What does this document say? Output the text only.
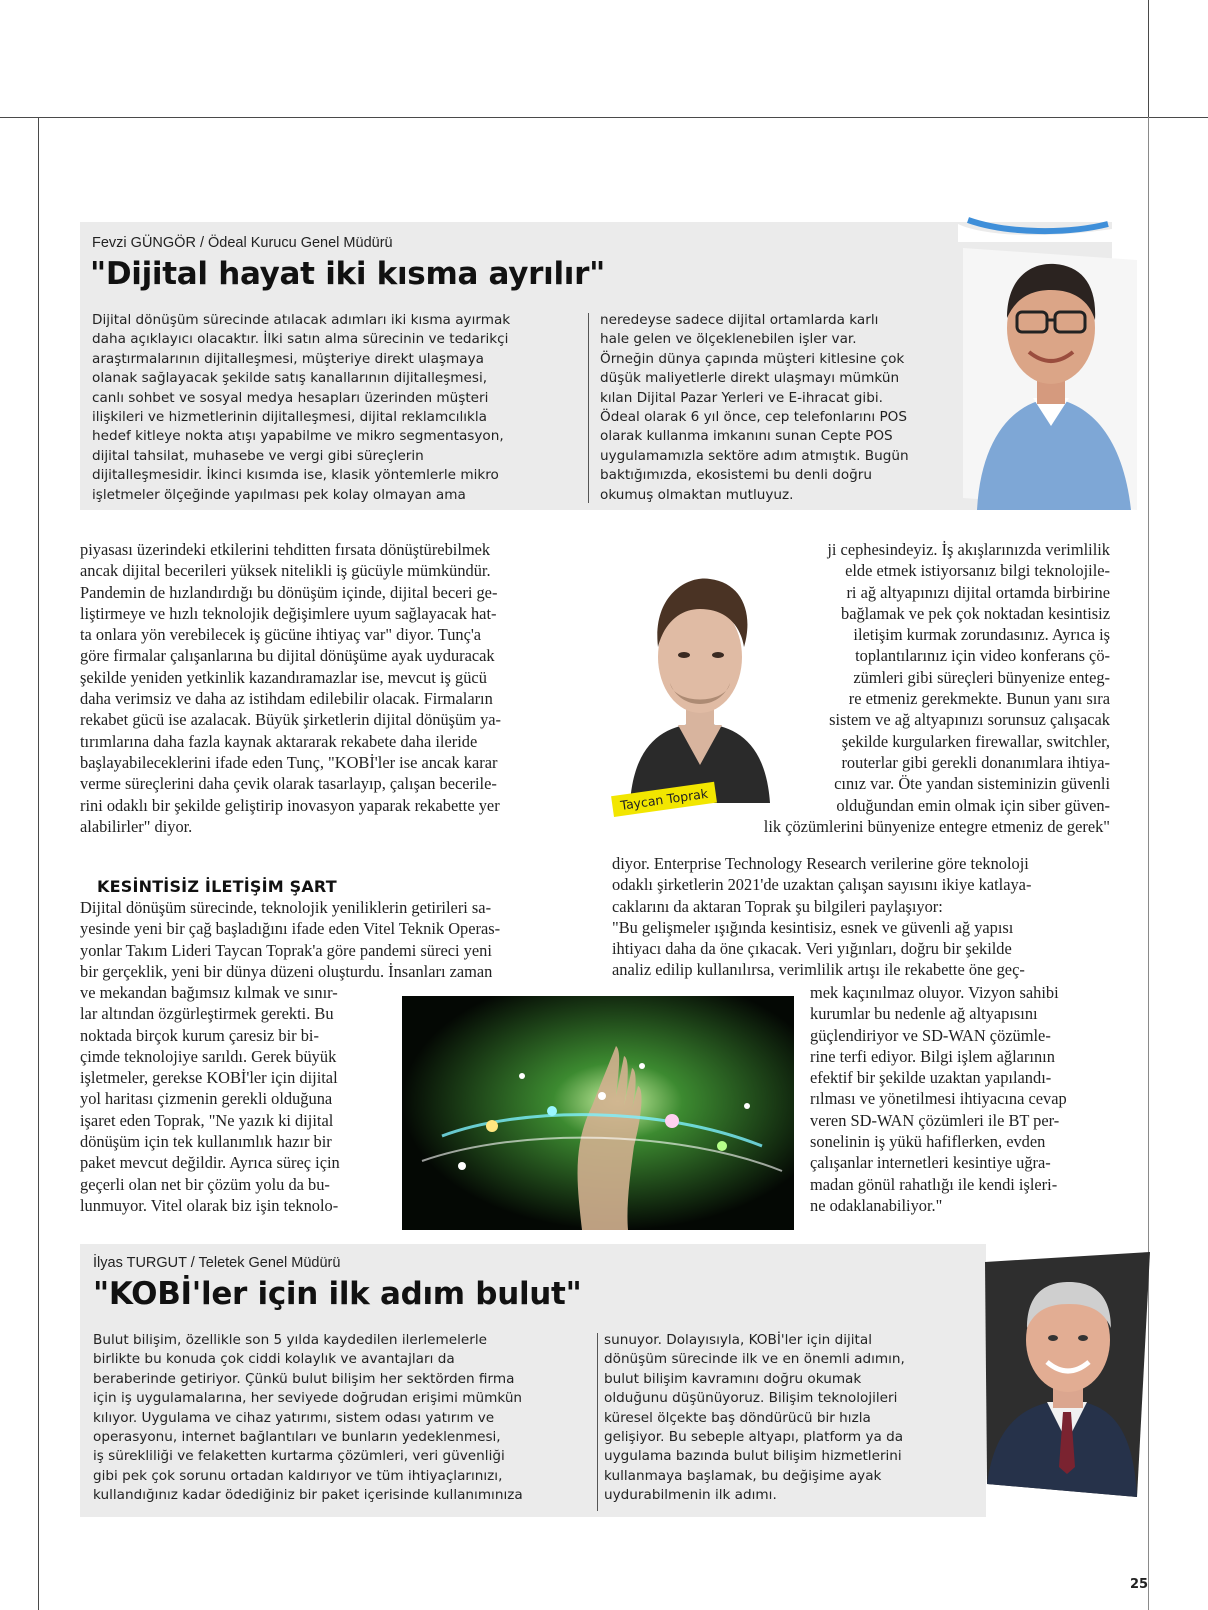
Fevzi GÜNGÖR / Ödeal Kurucu Genel Müdürü
"Dijital hayat iki kısma ayrılır"
Dijital dönüşüm sürecinde atılacak adımları iki kısma ayırmak
daha açıklayıcı olacaktır. İlki satın alma sürecinin ve tedarikçi
araştırmalarının dijitalleşmesi, müşteriye direkt ulaşmaya
olanak sağlayacak şekilde satış kanallarının dijitalleşmesi,
canlı sohbet ve sosyal medya hesapları üzerinden müşteri
ilişkileri ve hizmetlerinin dijitalleşmesi, dijital reklamcılıkla
hedef kitleye nokta atışı yapabilme ve mikro segmentasyon,
dijital tahsilat, muhasebe ve vergi gibi süreçlerin
dijitalleşmesidir. İkinci kısımda ise, klasik yöntemlerle mikro
işletmeler ölçeğinde yapılması pek kolay olmayan ama
neredeyse sadece dijital ortamlarda karlı
hale gelen ve ölçeklenebilen işler var.
Örneğin dünya çapında müşteri kitlesine çok
düşük maliyetlerle direkt ulaşmayı mümkün
kılan Dijital Pazar Yerleri ve E-ihracat gibi.
Ödeal olarak 6 yıl önce, cep telefonlarını POS
olarak kullanma imkanını sunan Cepte POS
uygulamamızla sektöre adım atmıştık. Bugün
baktığımızda, ekosistemi bu denli doğru
okumuş olmaktan mutluyuz.
piyasası üzerindeki etkilerini tehditten fırsata dönüştürebilmek
ancak dijital becerileri yüksek nitelikli iş gücüyle mümkündür.
Pandemin de hızlandırdığı bu dönüşüm içinde, dijital beceri ge-
liştirmeye ve hızlı teknolojik değişimlere uyum sağlayacak hat-
ta onlara yön verebilecek iş gücüne ihtiyaç var" diyor. Tunç'a
göre firmalar çalışanlarına bu dijital dönüşüme ayak uyduracak
şekilde yeniden yetkinlik kazandıramazlar ise, mevcut iş gücü
daha verimsiz ve daha az istihdam edilebilir olacak. Firmaların
rekabet gücü ise azalacak. Büyük şirketlerin dijital dönüşüm ya-
tırımlarına daha fazla kaynak aktararak rekabete daha ileride
başlayabileceklerini ifade eden Tunç, "KOBİ'ler ise ancak karar
verme süreçlerini daha çevik olarak tasarlayıp, çalışan becerile-
rini odaklı bir şekilde geliştirip inovasyon yaparak rekabette yer
alabilirler" diyor.
KESİNTİSİZ İLETİŞİM ŞART
Dijital dönüşüm sürecinde, teknolojik yeniliklerin getirileri sa-
yesinde yeni bir çağ başladığını ifade eden Vitel Teknik Operas-
yonlar Takım Lideri Taycan Toprak'a göre pandemi süreci yeni
bir gerçeklik, yeni bir dünya düzeni oluşturdu. İnsanları zaman
ve mekandan bağımsız kılmak ve sınır-
lar altından özgürleştirmek gerekti. Bu
noktada birçok kurum çaresiz bir bi-
çimde teknolojiye sarıldı. Gerek büyük
işletmeler, gerekse KOBİ'ler için dijital
yol haritası çizmenin gerekli olduğuna
işaret eden Toprak, "Ne yazık ki dijital
dönüşüm için tek kullanımlık hazır bir
paket mevcut değildir. Ayrıca süreç için
geçerli olan net bir çözüm yolu da bu-
lunmuyor. Vitel olarak biz işin teknolo-
ji cephesindeyiz. İş akışlarınızda verimlilik
elde etmek istiyorsanız bilgi teknolojile-
ri ağ altyapınızı dijital ortamda birbirine
bağlamak ve pek çok noktadan kesintisiz
iletişim kurmak zorundasınız. Ayrıca iş
toplantılarınız için video konferans çö-
zümleri gibi süreçleri bünyenize enteg-
re etmeniz gerekmekte. Bunun yanı sıra
sistem ve ağ altyapınızı sorunsuz çalışacak
şekilde kurgularken firewallar, switchler,
routerlar gibi gerekli donanımlara ihtiya-
cınız var. Öte yandan sisteminizin güvenli
olduğundan emin olmak için siber güven-
lik çözümlerini bünyenize entegre etmeniz de gerek"
diyor. Enterprise Technology Research verilerine göre teknoloji
odaklı şirketlerin 2021'de uzaktan çalışan sayısını ikiye katlaya-
caklarını da aktaran Toprak şu bilgileri paylaşıyor:
"Bu gelişmeler ışığında kesintisiz, esnek ve güvenli ağ yapısı
ihtiyacı daha da öne çıkacak. Veri yığınları, doğru bir şekilde
analiz edilip kullanılırsa, verimlilik artışı ile rekabette öne geç-
mek kaçınılmaz oluyor. Vizyon sahibi
kurumlar bu nedenle ağ altyapısını
güçlendiriyor ve SD-WAN çözümle-
rine terfi ediyor. Bilgi işlem ağlarının
efektif bir şekilde uzaktan yapılandı-
rılması ve yönetilmesi ihtiyacına cevap
veren SD-WAN çözümleri ile BT per-
sonelinin iş yükü hafiflerken, evden
çalışanlar internetleri kesintiye uğra-
madan gönül rahatlığı ile kendi işleri-
ne odaklanabiliyor."
Taycan Toprak
İlyas TURGUT / Teletek Genel Müdürü
"KOBİ'ler için ilk adım bulut"
Bulut bilişim, özellikle son 5 yılda kaydedilen ilerlemelerle
birlikte bu konuda çok ciddi kolaylık ve avantajları da
beraberinde getiriyor. Çünkü bulut bilişim her sektörden firma
için iş uygulamalarına, her seviyede doğrudan erişimi mümkün
kılıyor. Uygulama ve cihaz yatırımı, sistem odası yatırım ve
operasyonu, internet bağlantıları ve bunların yedeklenmesi,
iş sürekliliği ve felaketten kurtarma çözümleri, veri güvenliği
gibi pek çok sorunu ortadan kaldırıyor ve tüm ihtiyaçlarınızı,
kullandığınız kadar ödediğiniz bir paket içerisinde kullanımınıza
sunuyor. Dolayısıyla, KOBİ'ler için dijital
dönüşüm sürecinde ilk ve en önemli adımın,
bulut bilişim kavramını doğru okumak
olduğunu düşünüyoruz. Bilişim teknolojileri
küresel ölçekte baş döndürücü bir hızla
gelişiyor. Bu sebeple altyapı, platform ya da
uygulama bazında bulut bilişim hizmetlerini
kullanmaya başlamak, bu değişime ayak
uydurabilmenin ilk adımı.
25
